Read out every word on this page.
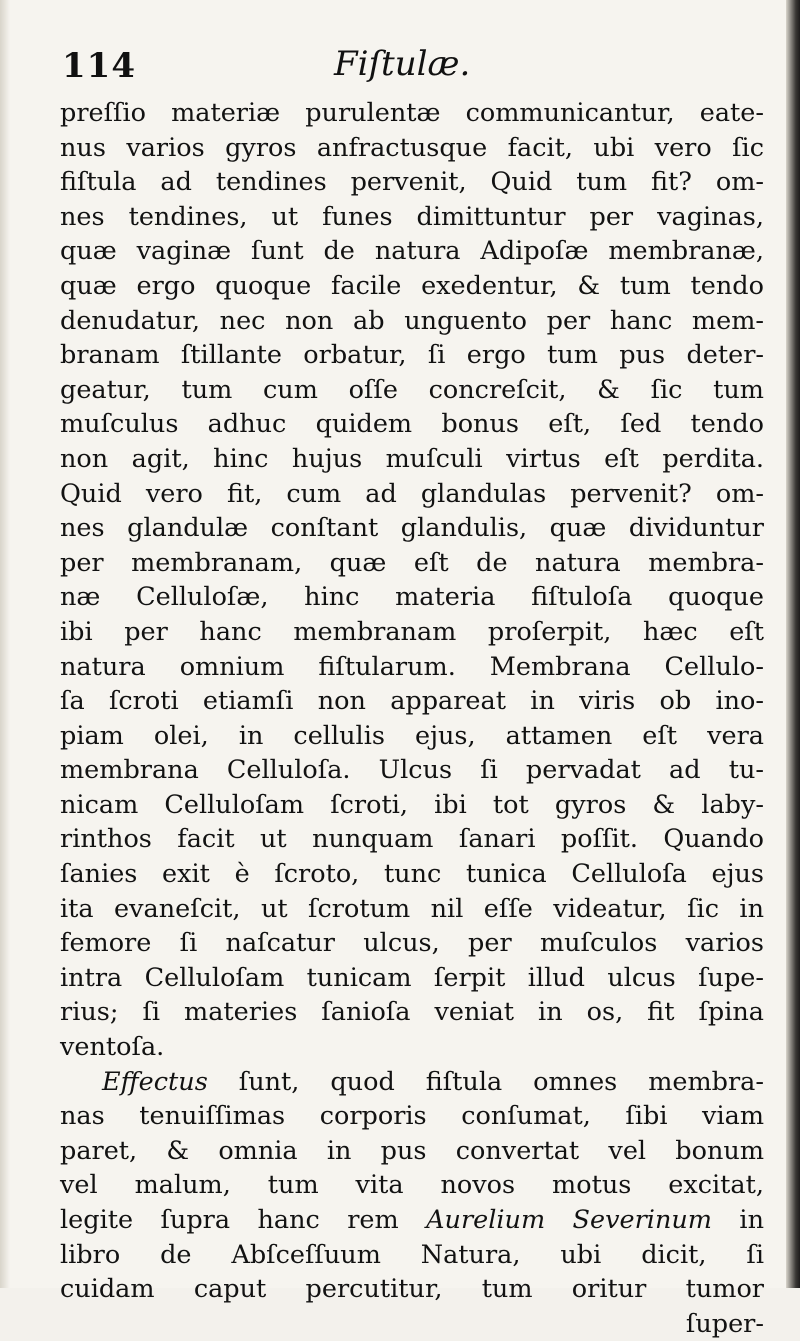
114	Fiſtulæ.
preſſio materiæ purulentæ communicantur, eate-
nus varios gyros anfractusque facit, ubi vero ſic
fiſtula ad tendines pervenit, Quid tum fit? om-
nes tendines, ut funes dimittuntur per vaginas,
quæ vaginæ ſunt de natura Adipoſæ membranæ,
quæ ergo quoque facile exedentur, & tum tendo
denudatur, nec non ab unguento per hanc mem-
branam ſtillante orbatur, ſi ergo tum pus deter-
geatur, tum cum oſſe concreſcit, & ſic tum
muſculus adhuc quidem bonus eſt, ſed tendo
non agit, hinc hujus muſculi virtus eſt perdita.
Quid vero fit, cum ad glandulas pervenit? om-
nes glandulæ conſtant glandulis, quæ dividuntur
per membranam, quæ eſt de natura membra-
næ Celluloſæ, hinc materia fiſtuloſa quoque
ibi per hanc membranam proſerpit, hæc eſt
natura omnium fiſtularum. Membrana Cellulo-
ſa ſcroti etiamſi non appareat in viris ob ino-
piam olei, in cellulis ejus, attamen eſt vera
membrana Celluloſa. Ulcus ſi pervadat ad tu-
nicam Celluloſam ſcroti, ibi tot gyros & laby-
rinthos facit ut nunquam ſanari poſſit. Quando
ſanies exit è ſcroto, tunc tunica Celluloſa ejus
ita evaneſcit, ut ſcrotum nil eſſe videatur, ſic in
femore ſi naſcatur ulcus, per muſculos varios
intra Celluloſam tunicam ſerpit illud ulcus ſupe-
rius; ſi materies ſanioſa veniat in os, fit ſpina
ventoſa.
Effectus ſunt, quod fiſtula omnes membra-
nas tenuiſſimas corporis conſumat, ſibi viam
paret, & omnia in pus convertat vel bonum
vel malum, tum vita novos motus excitat,
legite ſupra hanc rem Aurelium Severinum in
libro de Abſceſſuum Natura, ubi dicit, ſi
cuidam caput percutitur, tum oritur tumor
ſuper-
